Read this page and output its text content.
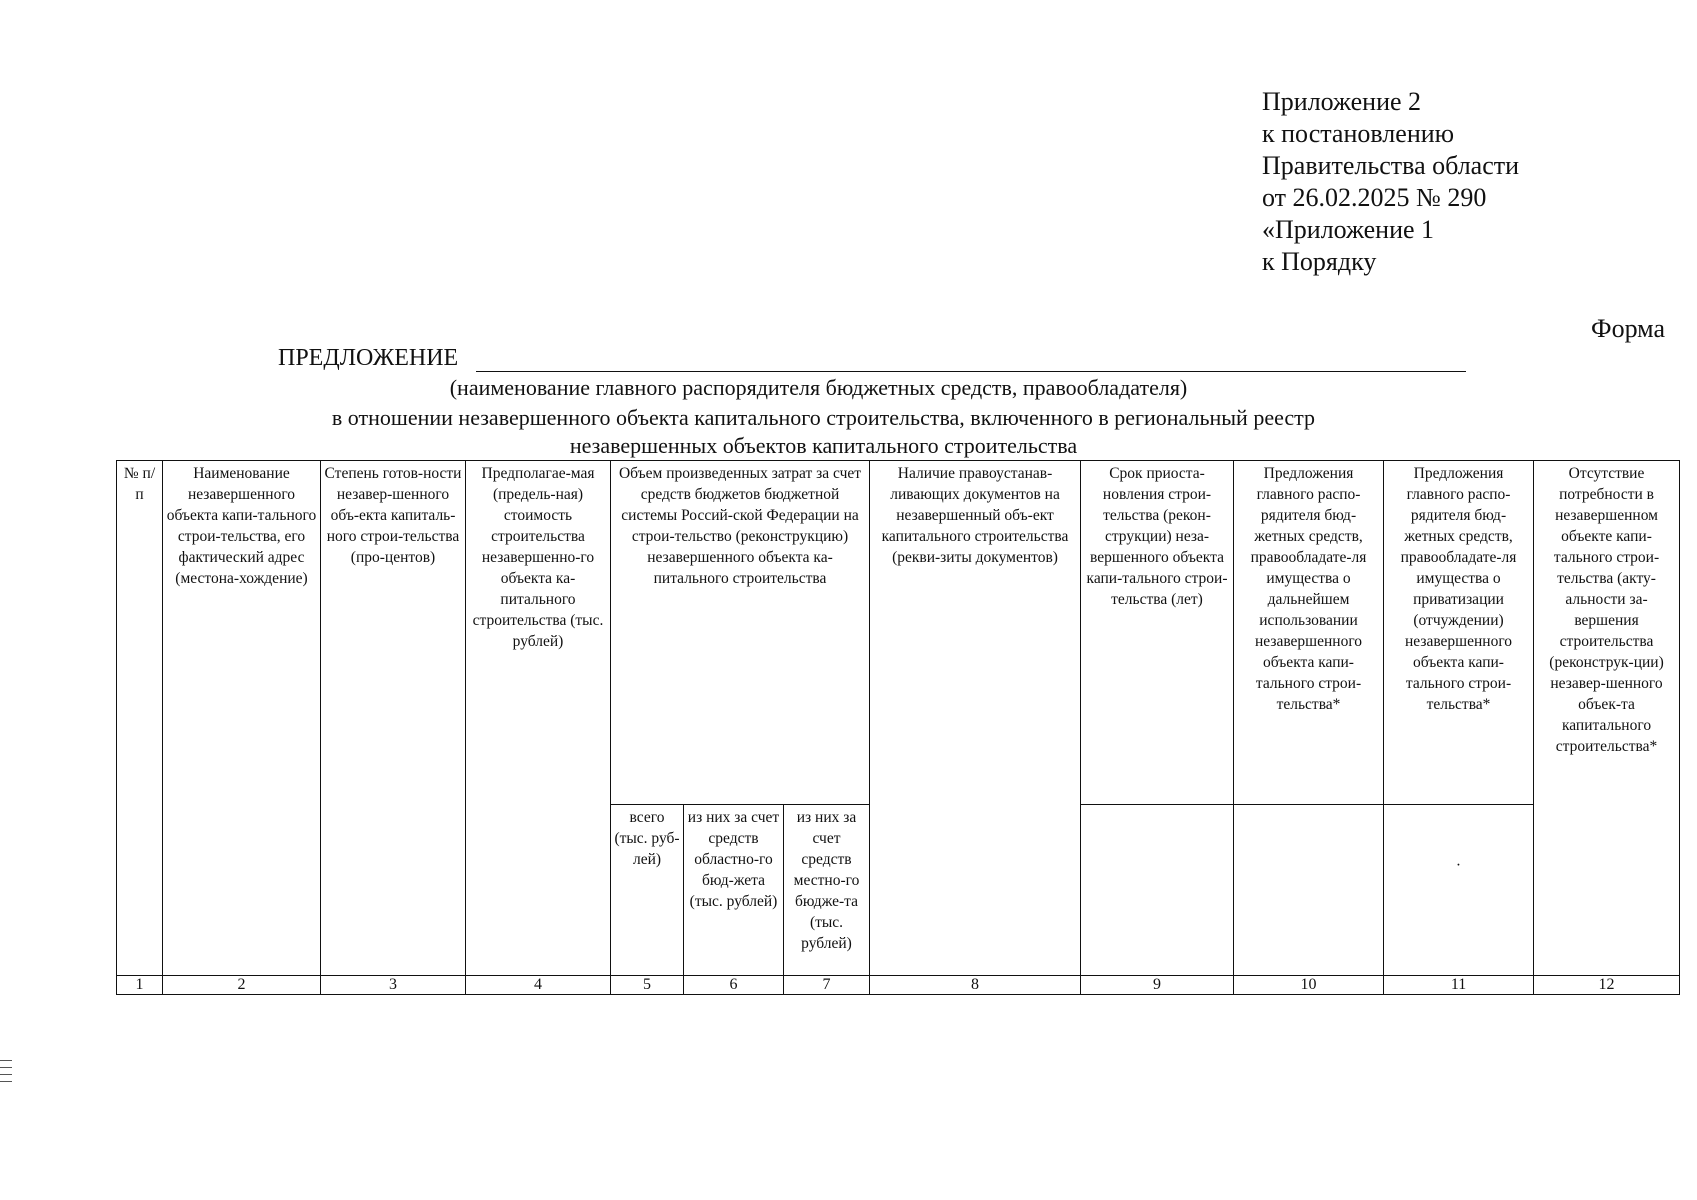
Приложение 2
к постановлению
Правительства области
от 26.02.2025 № 290
«Приложение 1
к Порядку
Форма
ПРЕДЛОЖЕНИЕ
(наименование главного распорядителя бюджетных средств, правообладателя)
в отношении незавершенного объекта капитального строительства, включенного в региональный реестр
незавершенных объектов капитального строительства
№ п/п	Наименование незавершенного объекта капи-тального строи-тельства, его фактический адрес (местона-хождение)	Степень готов-ности незавер-шенного объ-екта капиталь-ного строи-тельства (про-центов)	Предполагае-мая (предель-ная) стоимость строительства незавершенно-го объекта ка-питального строительства (тыс. рублей)	Объем произведенных затрат за счет средств бюджетов бюджетной системы Россий-ской Федерации на строи-тельство (реконструкцию) незавершенного объекта ка-питального строительства			Наличие правоустанав-ливающих документов на незавершенный объ-ект капитального строительства (рекви-зиты документов)	Срок приоста-новления строи-тельства (рекон-струкции) неза-вершенного объекта капи-тального строи-тельства (лет)	Предложения главного распо-рядителя бюд-жетных средств, правообладате-ля имущества о дальнейшем использовании незавершенного объекта капи-тального строи-тельства*	Предложения главного распо-рядителя бюд-жетных средств, правообладате-ля имущества о приватизации (отчуждении) незавершенного объекта капи-тального строи-тельства*	Отсутствие потребности в незавершенном объекте капи-тального строи-тельства (акту-альности за-вершения строительства (реконструк-ции) незавер-шенного объек-та капитального строительства*
				всего (тыс. руб-лей)	из них за счет средств областно-го бюд-жета (тыс. рублей)	из них за счет средств местно-го бюдже-та (тыс. рублей)				·	
1	2	3	4	5	6	7	8	9	10	11	12
